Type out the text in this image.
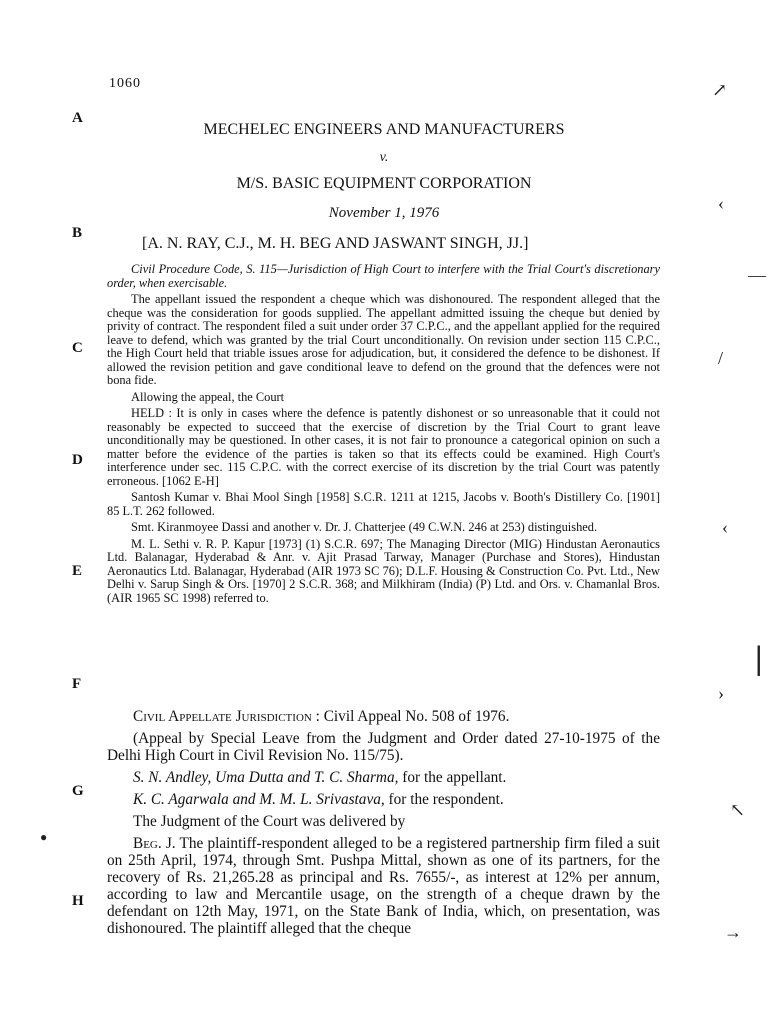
1060
A
B
C
D
E
F
G
H
MECHELEC ENGINEERS AND MANUFACTURERS
v.
M/S. BASIC EQUIPMENT CORPORATION
November 1, 1976
[A. N. RAY, C.J., M. H. BEG AND JASWANT SINGH, JJ.]

Civil Procedure Code, S. 115—Jurisdiction of High Court to interfere with the Trial Court's discretionary order, when exercisable.

The appellant issued the respondent a cheque which was dishonoured. The respondent alleged that the cheque was the consideration for goods supplied. The appellant admitted issuing the cheque but denied by privity of contract. The respondent filed a suit under order 37 C.P.C., and the appellant applied for the required leave to defend, which was granted by the trial Court unconditionally. On revision under section 115 C.P.C., the High Court held that triable issues arose for adjudication, but, it considered the defence to be dishonest. If allowed the revision petition and gave conditional leave to defend on the ground that the defences were not bona fide.

Allowing the appeal, the Court

HELD : It is only in cases where the defence is patently dishonest or so unreasonable that it could not reasonably be expected to succeed that the exercise of discretion by the Trial Court to grant leave unconditionally may be questioned. In other cases, it is not fair to pronounce a categorical opinion on such a matter before the evidence of the parties is taken so that its effects could be examined. High Court's interference under sec. 115 C.P.C. with the correct exercise of its discretion by the trial Court was patently erroneous. [1062 E-H]

Santosh Kumar v. Bhai Mool Singh [1958] S.C.R. 1211 at 1215, Jacobs v. Booth's Distillery Co. [1901] 85 L.T. 262 followed.

Smt. Kiranmoyee Dassi and another v. Dr. J. Chatterjee (49 C.W.N. 246 at 253) distinguished.

M. L. Sethi v. R. P. Kapur [1973] (1) S.C.R. 697; The Managing Director (MIG) Hindustan Aeronautics Ltd. Balanagar, Hyderabad & Anr. v. Ajit Prasad Tarway, Manager (Purchase and Stores), Hindustan Aeronautics Ltd. Balanagar, Hyderabad (AIR 1973 SC 76); D.L.F. Housing & Construction Co. Pvt. Ltd., New Delhi v. Sarup Singh & Ors. [1970] 2 S.C.R. 368; and Milkhiram (India) (P) Ltd. and Ors. v. Chamanlal Bros. (AIR 1965 SC 1998) referred to.

Civil Appellate Jurisdiction : Civil Appeal No. 508 of 1976.

(Appeal by Special Leave from the Judgment and Order dated 27-10-1975 of the Delhi High Court in Civil Revision No. 115/75).

S. N. Andley, Uma Dutta and T. C. Sharma, for the appellant.

K. C. Agarwala and M. M. L. Srivastava, for the respondent.

The Judgment of the Court was delivered by

Beg. J. The plaintiff-respondent alleged to be a registered partnership firm filed a suit on 25th April, 1974, through Smt. Pushpa Mittal, shown as one of its partners, for the recovery of Rs. 21,265.28 as principal and Rs. 7655/-, as interest at 12% per annum, according to law and Mercantile usage, on the strength of a cheque drawn by the defendant on 12th May, 1971, on the State Bank of India, which, on presentation, was dishonoured. The plaintiff alleged that the cheque

↗
‹
—
/
‹
|
›
↖
→
●
